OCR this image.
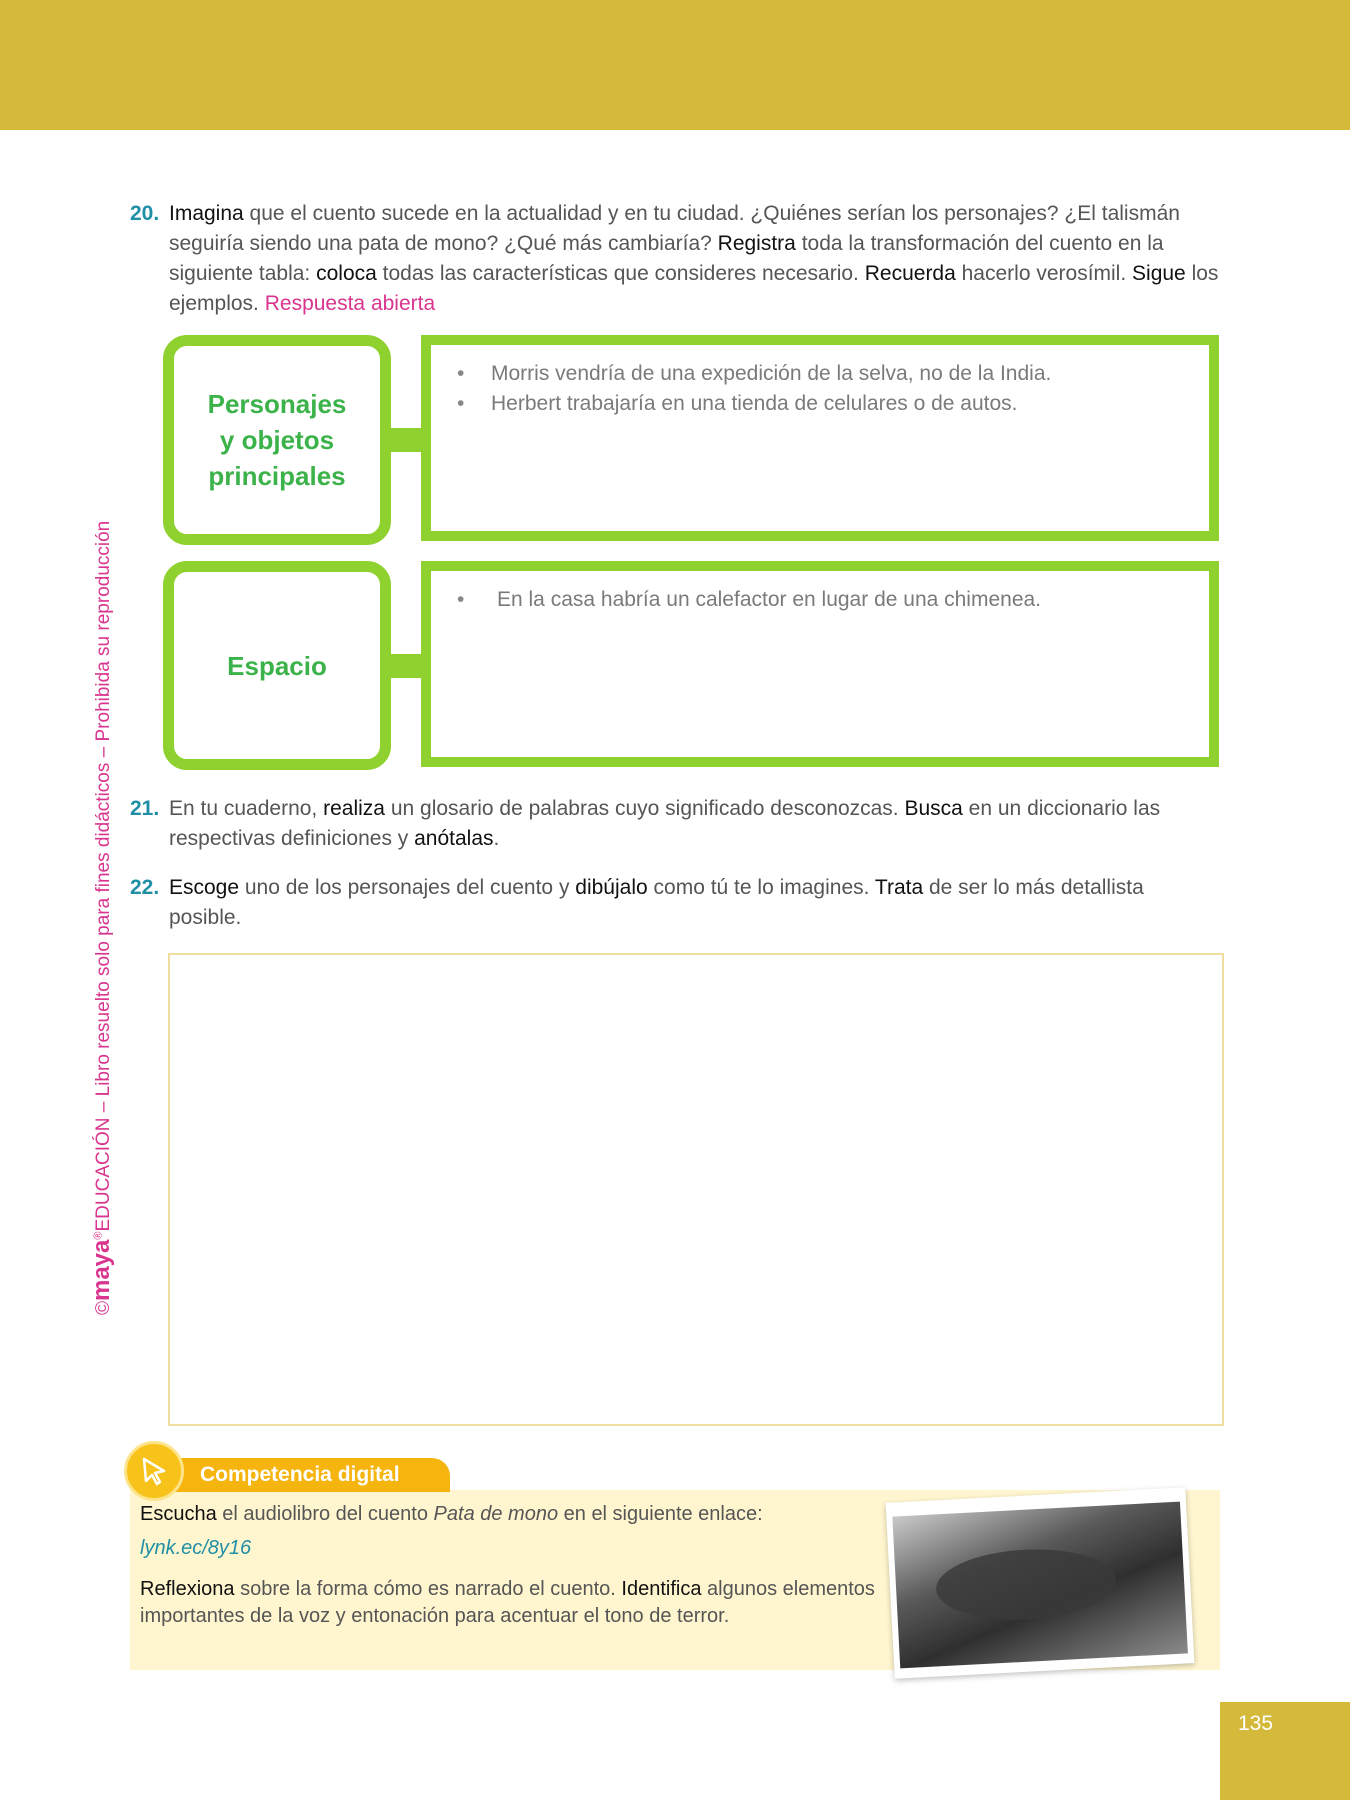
©maya®EDUCACIÓN – Libro resuelto solo para fines didácticos – Prohibida su reproducción
20. Imagina que el cuento sucede en la actualidad y en tu ciudad. ¿Quiénes serían los personajes? ¿El talismán seguiría siendo una pata de mono? ¿Qué más cambiaría? Registra toda la transformación del cuento en la siguiente tabla: coloca todas las características que consideres necesario. Recuerda hacerlo verosímil. Sigue los ejemplos. Respuesta abierta
Personajes y objetos principales
• Morris vendría de una expedición de la selva, no de la India.
• Herbert trabajaría en una tienda de celulares o de autos.
Espacio
• En la casa habría un calefactor en lugar de una chimenea.
21. En tu cuaderno, realiza un glosario de palabras cuyo significado desconozcas. Busca en un diccionario las respectivas definiciones y anótalas.
22. Escoge uno de los personajes del cuento y dibújalo como tú te lo imagines. Trata de ser lo más detallista posible.
Competencia digital
Escucha el audiolibro del cuento Pata de mono en el siguiente enlace:
lynk.ec/8y16
Reflexiona sobre la forma cómo es narrado el cuento. Identifica algunos elementos importantes de la voz y entonación para acentuar el tono de terror.
135
